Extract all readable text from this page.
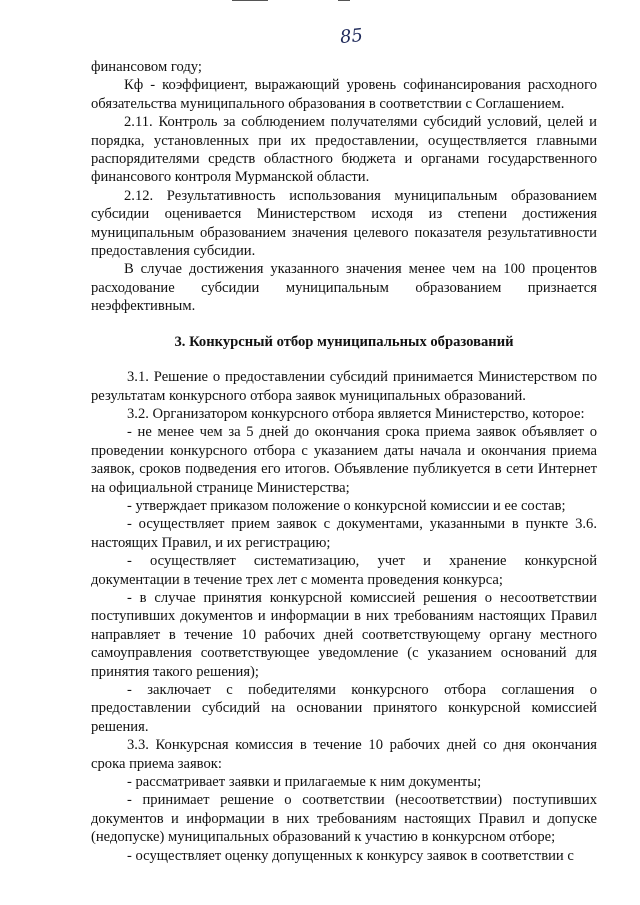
85

финансовом году;

Кф - коэффициент, выражающий уровень софинансирования расходного обязательства муниципального образования в соответствии с Соглашением.

2.11. Контроль за соблюдением получателями субсидий условий, целей и порядка, установленных при их предоставлении, осуществляется главными распорядителями средств областного бюджета и органами государственного финансового контроля Мурманской области.

2.12. Результативность использования муниципальным образованием субсидии оценивается Министерством исходя из степени достижения муниципальным образованием значения целевого показателя результативности предоставления субсидии.

В случае достижения указанного значения менее чем на 100 процентов расходование субсидии муниципальным образованием признается неэффективным.

3. Конкурсный отбор муниципальных образований

3.1. Решение о предоставлении субсидий принимается Министерством по результатам конкурсного отбора заявок муниципальных образований.

3.2. Организатором конкурсного отбора является Министерство, которое:

- не менее чем за 5 дней до окончания срока приема заявок объявляет о проведении конкурсного отбора с указанием даты начала и окончания приема заявок, сроков подведения его итогов. Объявление публикуется в сети Интернет на официальной странице Министерства;

- утверждает приказом положение о конкурсной комиссии и ее состав;

- осуществляет прием заявок с документами, указанными в пункте 3.6. настоящих Правил, и их регистрацию;

- осуществляет систематизацию, учет и хранение конкурсной документации в течение трех лет с момента проведения конкурса;

- в случае принятия конкурсной комиссией решения о несоответствии поступивших документов и информации в них требованиям настоящих Правил направляет в течение 10 рабочих дней соответствующему органу местного самоуправления соответствующее уведомление (с указанием оснований для принятия такого решения);

- заключает с победителями конкурсного отбора соглашения о предоставлении субсидий на основании принятого конкурсной комиссией решения.

3.3. Конкурсная комиссия в течение 10 рабочих дней со дня окончания срока приема заявок:

- рассматривает заявки и прилагаемые к ним документы;

- принимает решение о соответствии (несоответствии) поступивших документов и информации в них требованиям настоящих Правил и допуске (недопуске) муниципальных образований к участию в конкурсном отборе;

- осуществляет оценку допущенных к конкурсу заявок в соответствии с
